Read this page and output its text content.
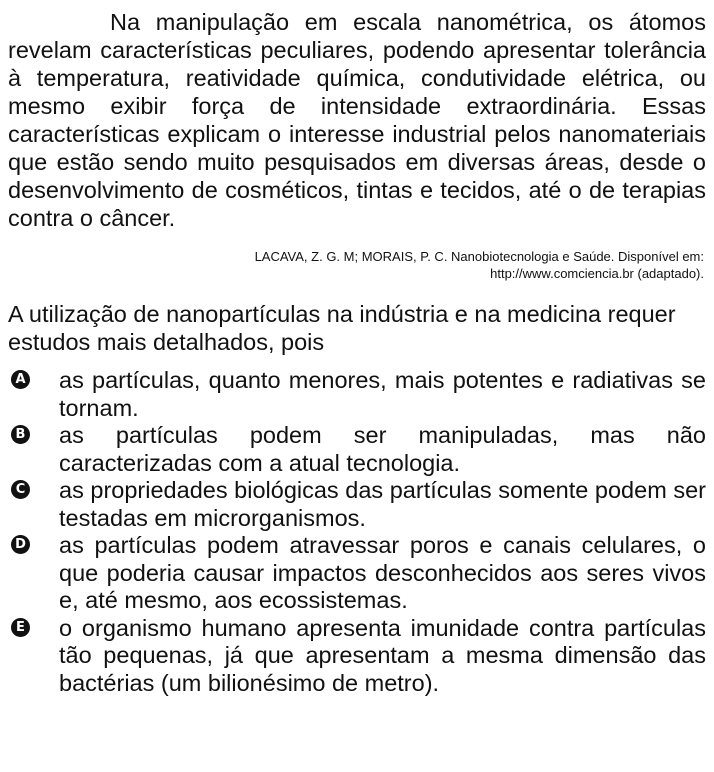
Na manipulação em escala nanométrica, os átomos revelam características peculiares, podendo apresentar tolerância à temperatura, reatividade química, condutividade elétrica, ou mesmo exibir força de intensidade extraordinária. Essas características explicam o interesse industrial pelos nanomateriais que estão sendo muito pesquisados em diversas áreas, desde o desenvolvimento de cosméticos, tintas e tecidos, até o de terapias contra o câncer.

LACAVA, Z. G. M; MORAIS, P. C. Nanobiotecnologia e Saúde. Disponível em:
http://www.comciencia.br (adaptado).

A utilização de nanopartículas na indústria e na medicina requer estudos mais detalhados, pois

A as partículas, quanto menores, mais potentes e radiativas se tornam.
B as partículas podem ser manipuladas, mas não caracterizadas com a atual tecnologia.
C as propriedades biológicas das partículas somente podem ser testadas em microrganismos.
D as partículas podem atravessar poros e canais celulares, o que poderia causar impactos desconhecidos aos seres vivos e, até mesmo, aos ecossistemas.
E o organismo humano apresenta imunidade contra partículas tão pequenas, já que apresentam a mesma dimensão das bactérias (um bilionésimo de metro).
